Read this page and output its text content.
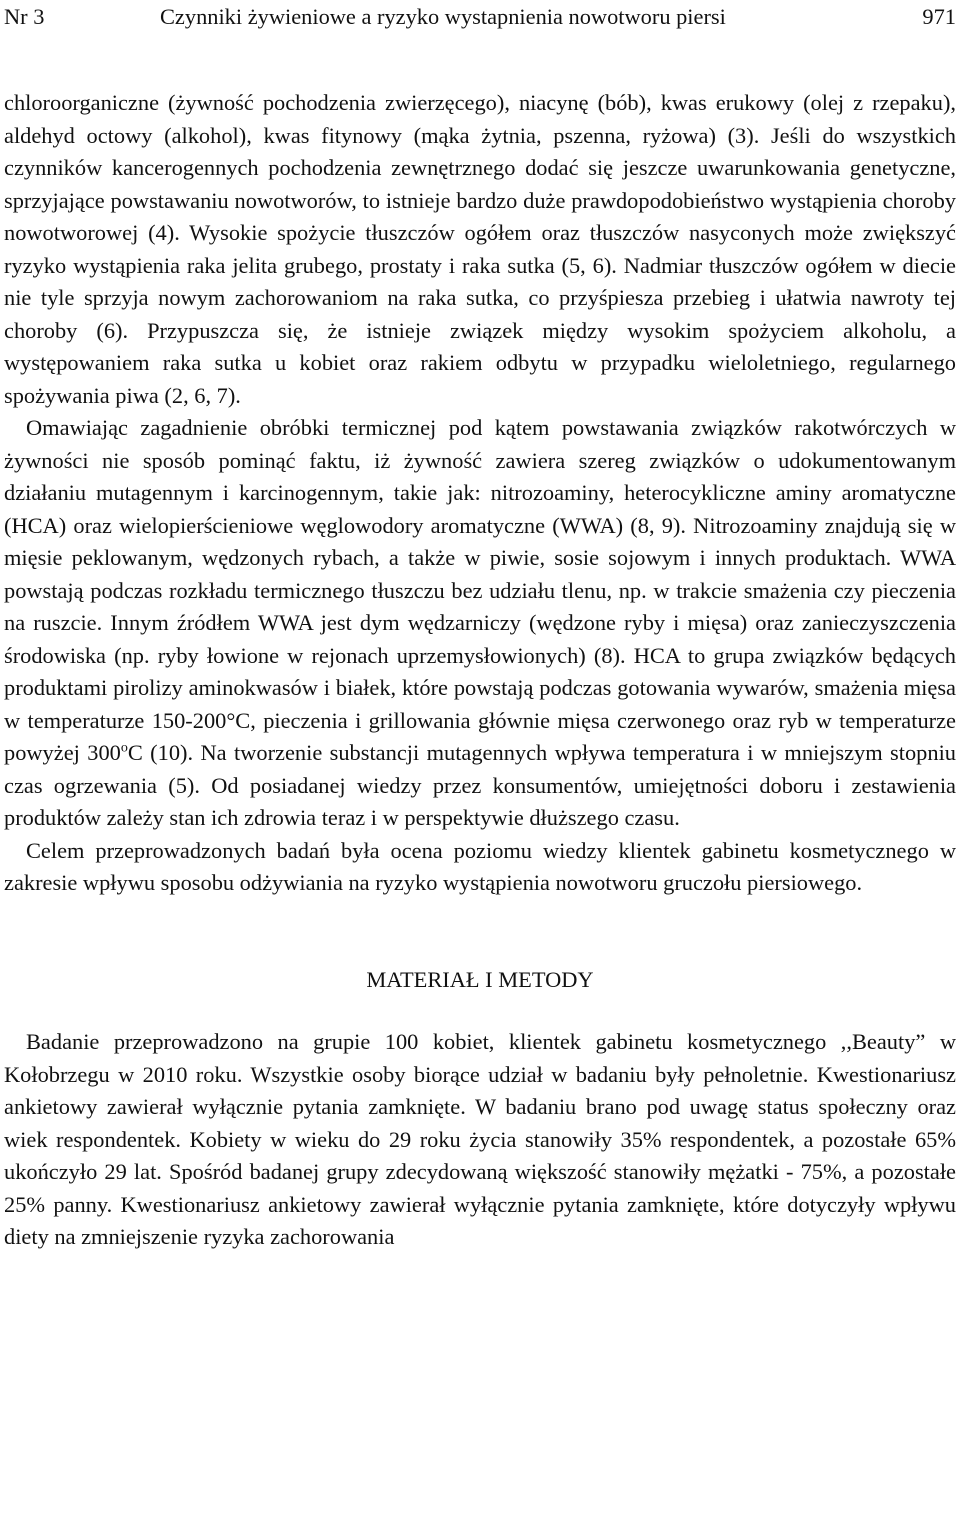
Nr 3	Czynniki żywieniowe a ryzyko wystapnienia nowotworu piersi	971

chloroorganiczne (żywność pochodzenia zwierzęcego), niacynę (bób), kwas erukowy (olej z rzepaku), aldehyd octowy (alkohol), kwas fitynowy (mąka żytnia, pszenna, ryżowa) (3). Jeśli do wszystkich czynników kancerogennych pochodzenia zewnętrznego dodać się jeszcze uwarunkowania genetyczne, sprzyjające powstawaniu nowotworów, to istnieje bardzo duże prawdopodobieństwo wystąpienia choroby nowotworowej (4). Wysokie spożycie tłuszczów ogółem oraz tłuszczów nasyconych może zwiększyć ryzyko wystąpienia raka jelita grubego, prostaty i raka sutka (5, 6). Nadmiar tłuszczów ogółem w diecie nie tyle sprzyja nowym zachorowaniom na raka sutka, co przyśpiesza przebieg i ułatwia nawroty tej choroby (6). Przypuszcza się, że istnieje związek między wysokim spożyciem alkoholu, a występowaniem raka sutka u kobiet oraz rakiem odbytu w przypadku wieloletniego, regularnego spożywania piwa (2, 6, 7).

Omawiając zagadnienie obróbki termicznej pod kątem powstawania związków rakotwórczych w żywności nie sposób pominąć faktu, iż żywność zawiera szereg związków o udokumentowanym działaniu mutagennym i karcinogennym, takie jak: nitrozoaminy, heterocykliczne aminy aromatyczne (HCA) oraz wielopierścieniowe węglowodory aromatyczne (WWA) (8, 9). Nitrozoaminy znajdują się w mięsie peklowanym, wędzonych rybach, a także w piwie, sosie sojowym i innych produktach. WWA powstają podczas rozkładu termicznego tłuszczu bez udziału tlenu, np. w trakcie smażenia czy pieczenia na ruszcie. Innym źródłem WWA jest dym wędzarniczy (wędzone ryby i mięsa) oraz zanieczyszczenia środowiska (np. ryby łowione w rejonach uprzemysłowionych) (8). HCA to grupa związków będących produktami pirolizy aminokwasów i białek, które powstają podczas gotowania wywarów, smażenia mięsa w temperaturze 150-200°C, pieczenia i grillowania głównie mięsa czerwonego oraz ryb w temperaturze powyżej 300$^o$C (10). Na tworzenie substancji mutagennych wpływa temperatura i w mniejszym stopniu czas ogrzewania (5). Od posiadanej wiedzy przez konsumentów, umiejętności doboru i zestawienia produktów zależy stan ich zdrowia teraz i w perspektywie dłuższego czasu.

Celem przeprowadzonych badań była ocena poziomu wiedzy klientek gabinetu kosmetycznego w zakresie wpływu sposobu odżywiania na ryzyko wystąpienia nowotworu gruczołu piersiowego.

MATERIAŁ I METODY

Badanie przeprowadzono na grupie 100 kobiet, klientek gabinetu kosmetycznego ,,Beauty” w Kołobrzegu w 2010 roku. Wszystkie osoby biorące udział w badaniu były pełnoletnie. Kwestionariusz ankietowy zawierał wyłącznie pytania zamknięte. W badaniu brano pod uwagę status społeczny oraz wiek respondentek. Kobiety w wieku do 29 roku życia stanowiły 35% respondentek, a pozostałe 65% ukończyło 29 lat. Spośród badanej grupy zdecydowaną większość stanowiły mężatki - 75%, a pozostałe 25% panny. Kwestionariusz ankietowy zawierał wyłącznie pytania zamknięte, które dotyczyły wpływu diety na zmniejszenie ryzyka zachorowania
